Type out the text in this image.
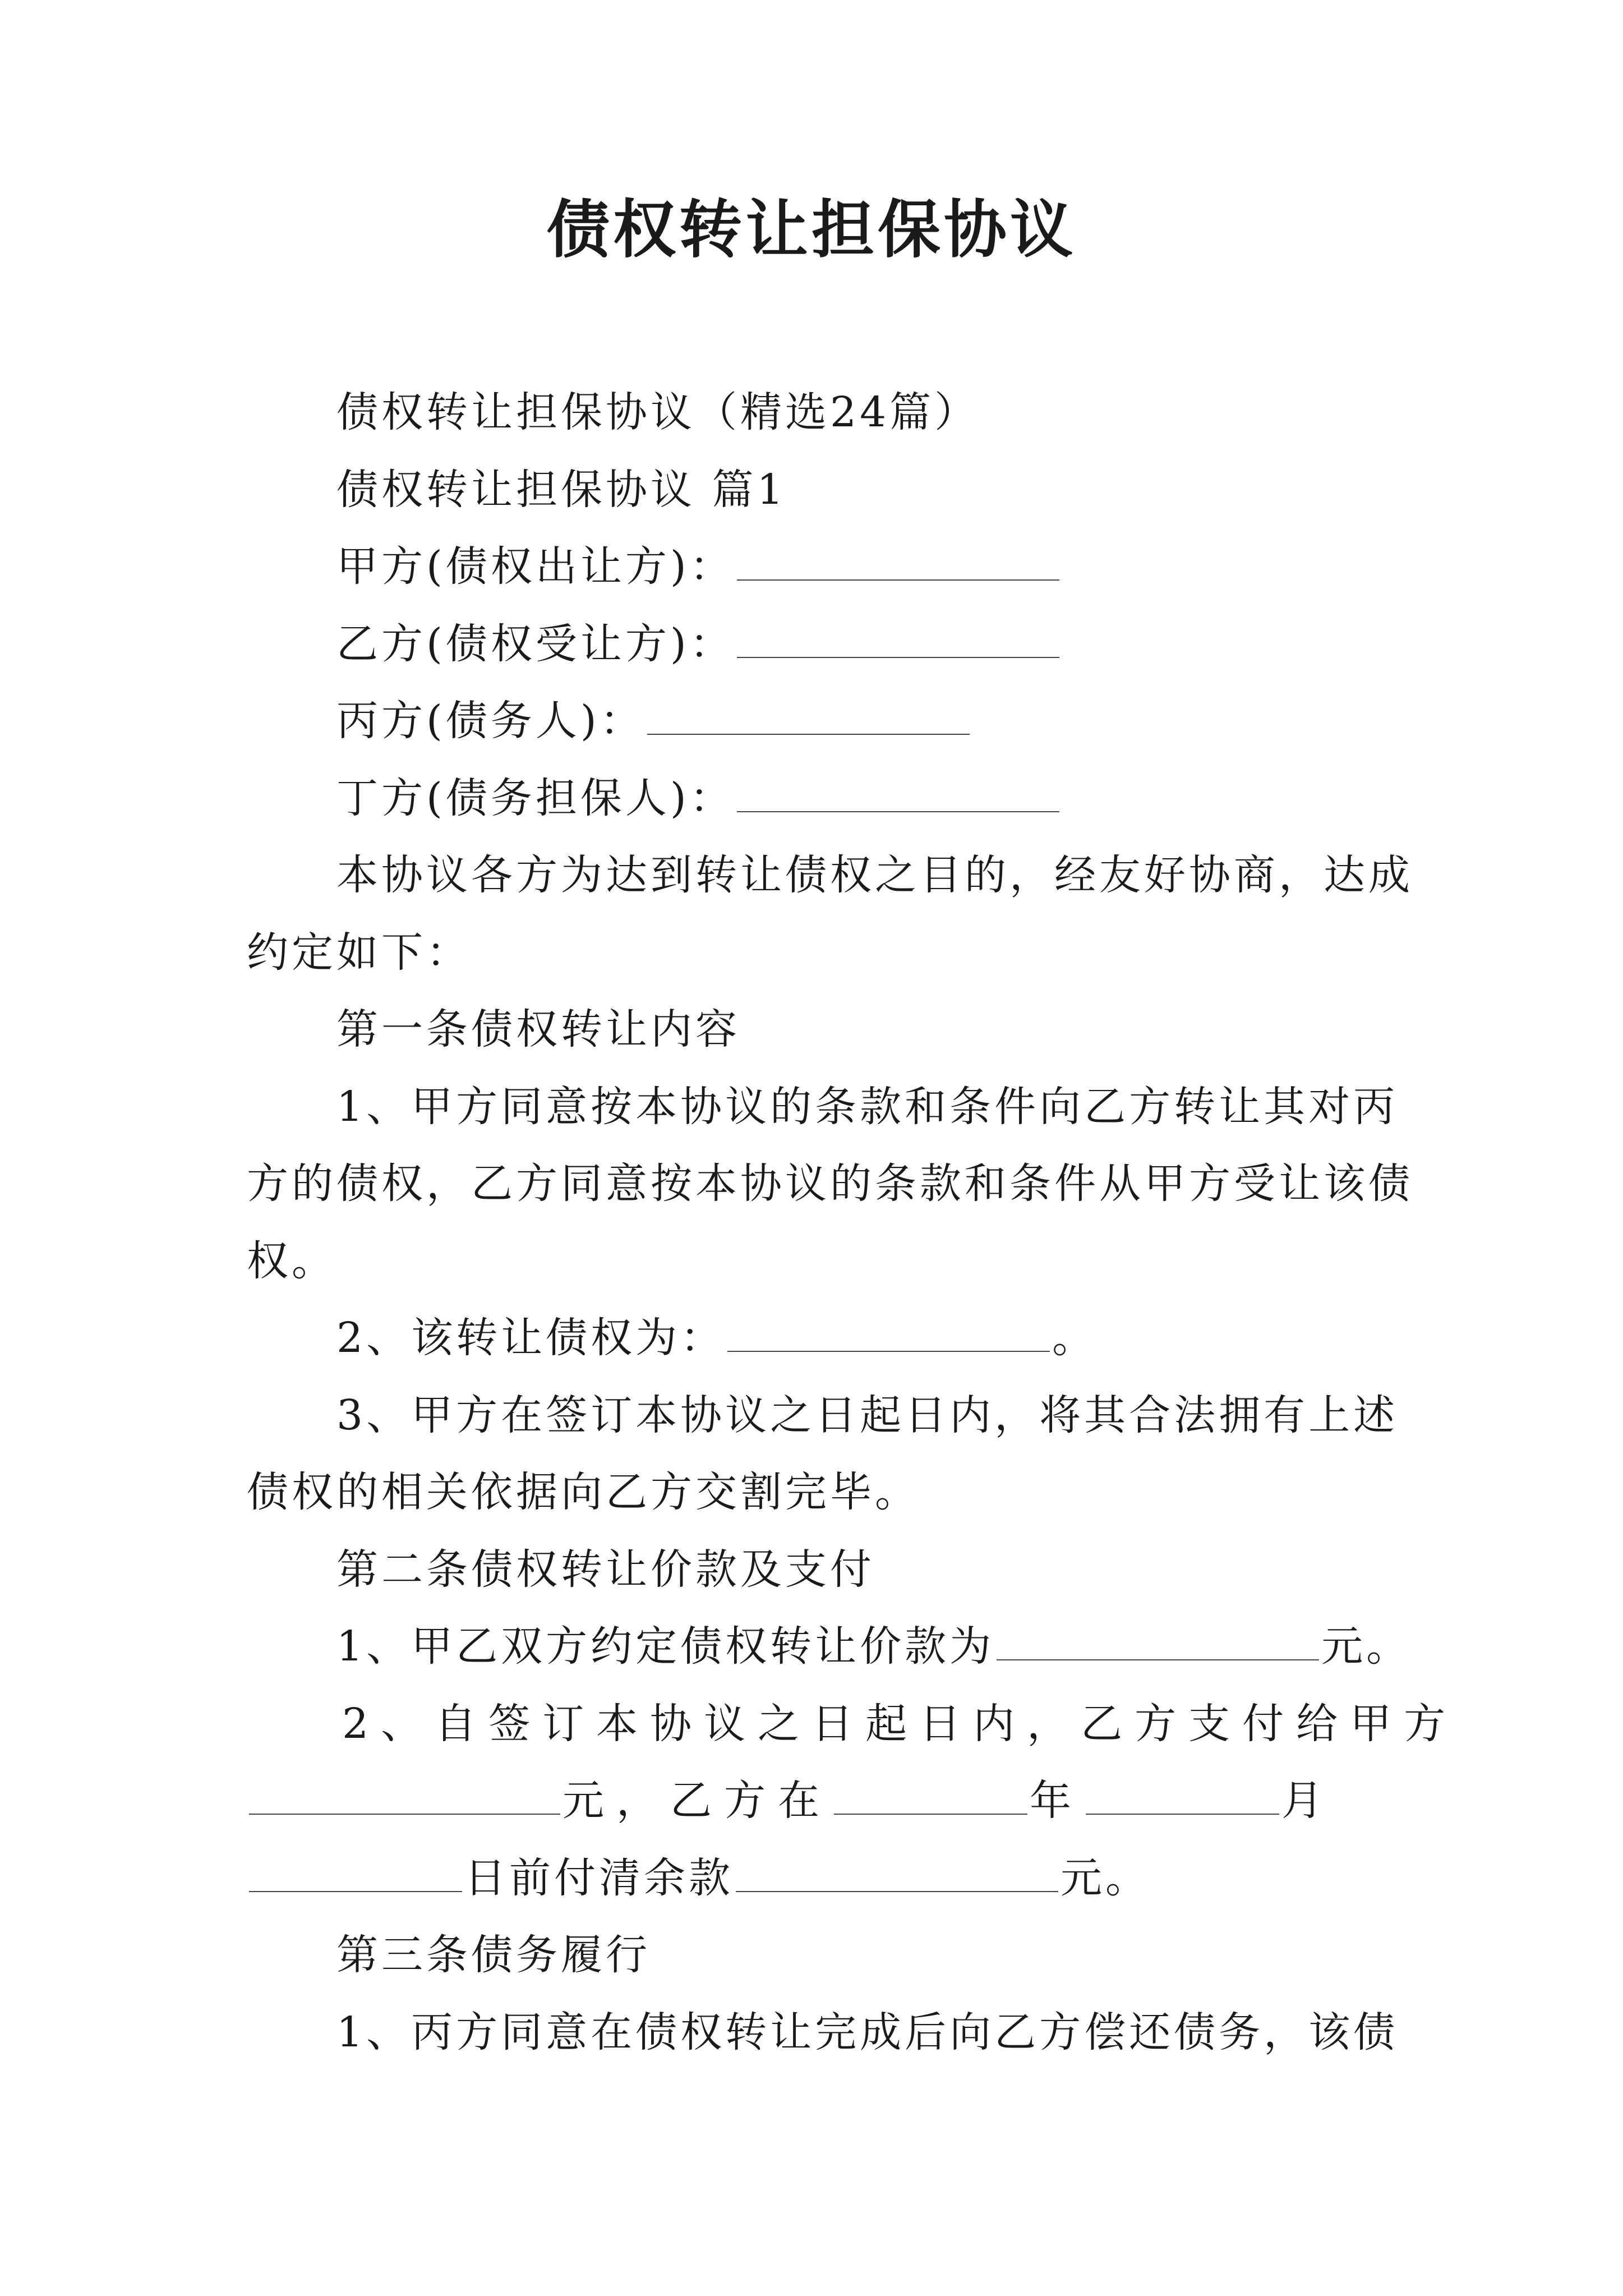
债权转让担保协议
债权转让担保协议（精选24篇）
债权转让担保协议 篇1
甲方(债权出让方)：
乙方(债权受让方)：
丙方(债务人)：
丁方(债务担保人)：
本协议各方为达到转让债权之目的，经友好协商，达成
约定如下：
第一条债权转让内容
1、甲方同意按本协议的条款和条件向乙方转让其对丙
方的债权，乙方同意按本协议的条款和条件从甲方受让该债
权。
2、该转让债权为：	。
3、甲方在签订本协议之日起日内，将其合法拥有上述
债权的相关依据向乙方交割完毕。
第二条债权转让价款及支付
1、甲乙双方约定债权转让价款为	元。
2、自签订本协议之日起日内，乙方支付给甲方
元，乙方在	年	月
日前付清余款	元。
第三条债务履行
1、丙方同意在债权转让完成后向乙方偿还债务，该债
